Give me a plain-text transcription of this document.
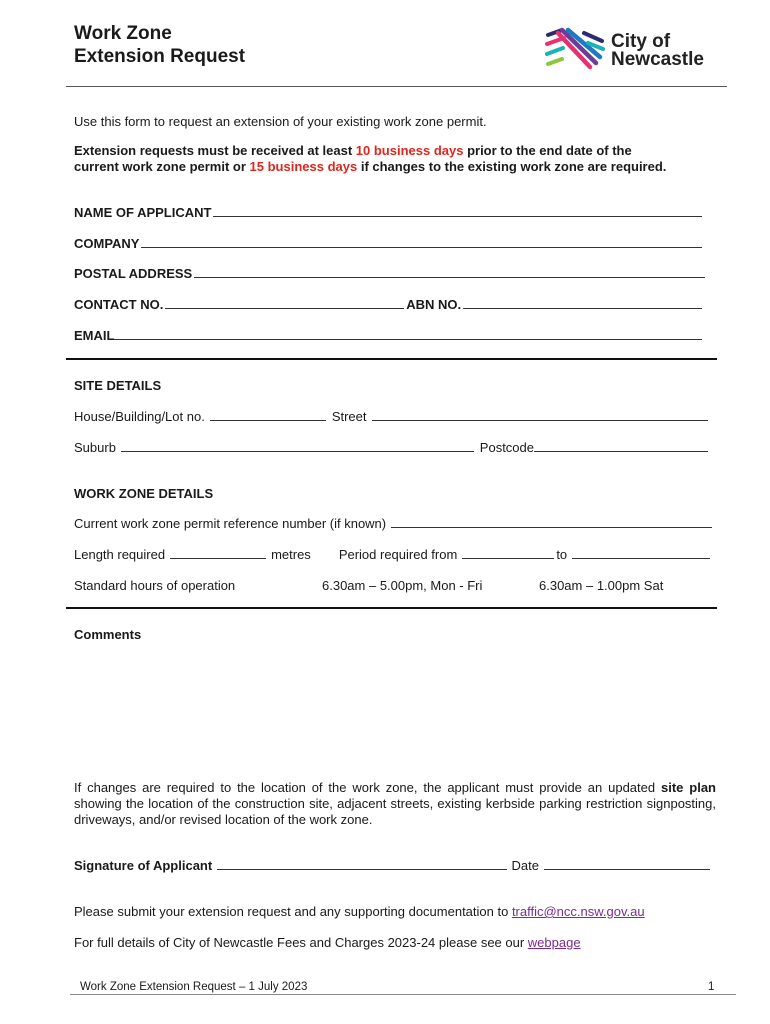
Work Zone
Extension Request
City of
Newcastle
Use this form to request an extension of your existing work zone permit.
Extension requests must be received at least 10 business days prior to the end date of the
current work zone permit or 15 business days if changes to the existing work zone are required.
NAME OF APPLICANT
COMPANY
POSTAL ADDRESS
CONTACT NO.	ABN NO.
EMAIL
SITE DETAILS
House/Building/Lot no.	Street
Suburb	Postcode
WORK ZONE DETAILS
Current work zone permit reference number (if known)
Length required	metres Period required from	to
Standard hours of operation	6.30am – 5.00pm, Mon - Fri	6.30am – 1.00pm Sat
Comments
If changes are required to the location of the work zone, the applicant must provide an updated site plan showing the location of the construction site, adjacent streets, existing kerbside parking restriction signposting, driveways, and/or revised location of the work zone.
Signature of Applicant	Date
Please submit your extension request and any supporting documentation to traffic@ncc.nsw.gov.au
For full details of City of Newcastle Fees and Charges 2023-24 please see our webpage
Work Zone Extension Request – 1 July 2023	1
